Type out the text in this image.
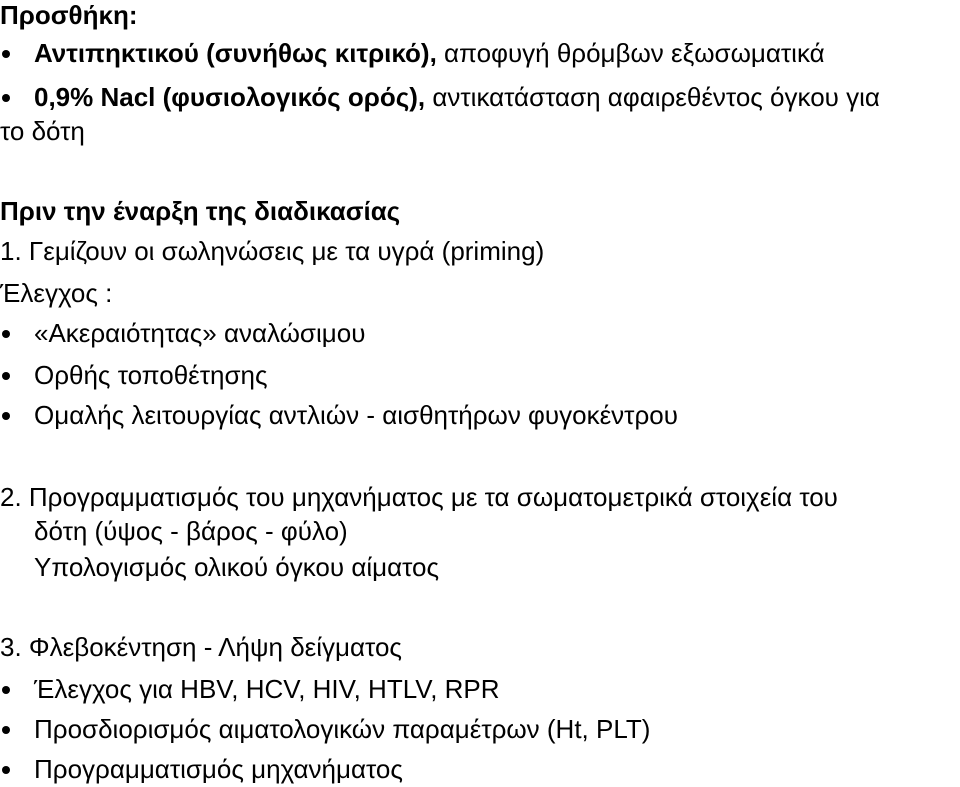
Προσθήκη:
Αντιπηκτικού (συνήθως κιτρικό), αποφυγή θρόμβων εξωσωματικά
0,9% Nacl (φυσιολογικός ορός), αντικατάσταση αφαιρεθέντος όγκου για
το δότη
Πριν την έναρξη της διαδικασίας
1. Γεμίζουν οι σωληνώσεις με τα υγρά (priming)
Έλεγχος :
«Ακεραιότητας» αναλώσιμου
Ορθής τοποθέτησης
Ομαλής λειτουργίας αντλιών - αισθητήρων φυγοκέντρου
2. Προγραμματισμός του μηχανήματος με τα σωματομετρικά στοιχεία του
δότη (ύψος - βάρος - φύλο)
Υπολογισμός ολικού όγκου αίματος
3. Φλεβοκέντηση - Λήψη δείγματος
Έλεγχος για HBV, HCV, HIV, HTLV, RPR
Προσδιορισμός αιματολογικών παραμέτρων (Ht, PLT)
Προγραμματισμός μηχανήματος
